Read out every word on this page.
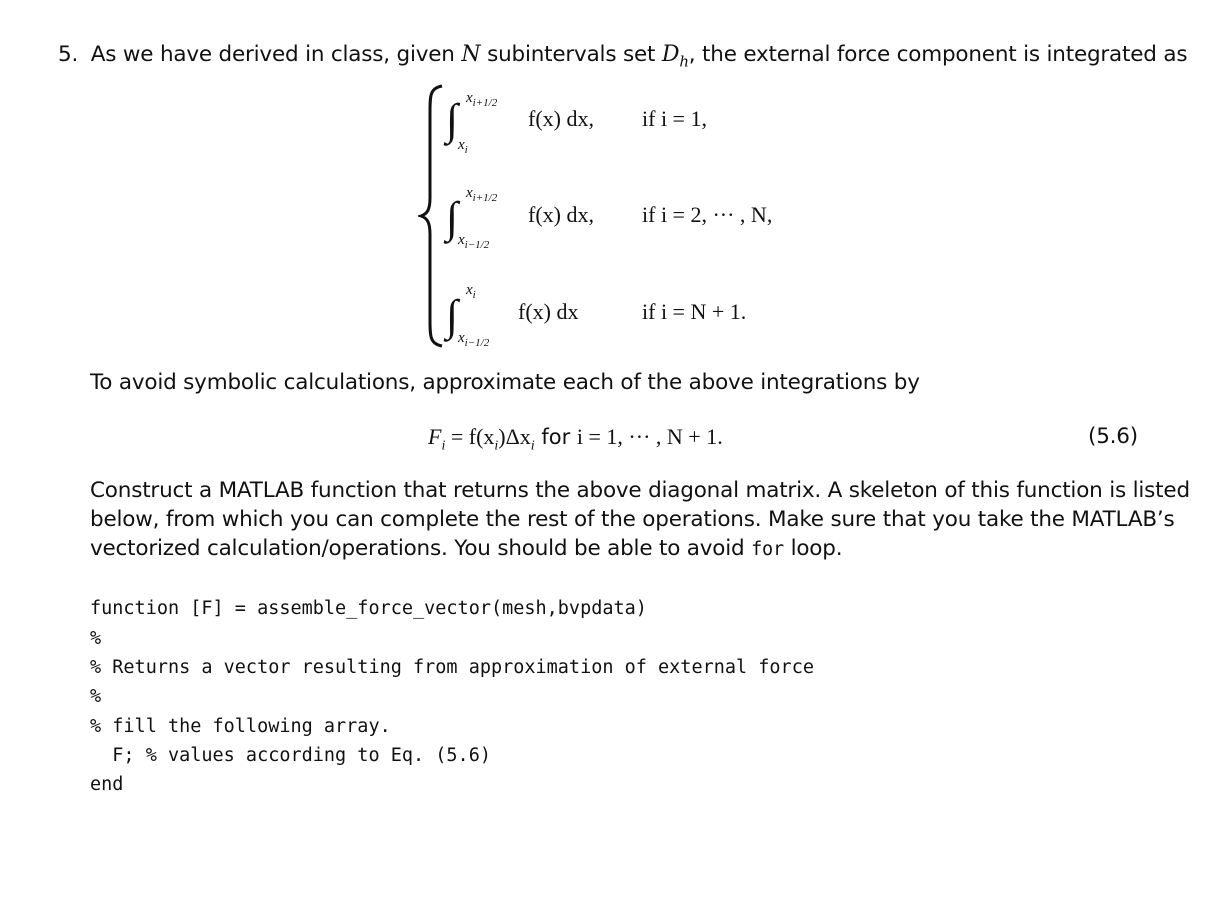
5. As we have derived in class, given N subintervals set $D_h$, the external force component is integrated as
∫ $x_{i+1/2}$
$x_i$
f(x) dx, if i = 1,
∫ $x_{i+1/2}$
$x_{i-1/2}$
f(x) dx, if i = 2, ··· , N,
∫
$x_i$
$x_{i-1/2}$
f(x) dx	if i = N + 1.
To avoid symbolic calculations, approximate each of the above integrations by
$F_i = f(x_i)\Delta x_i$ for i = 1, ··· , N + 1.	(5.6)
Construct a MATLAB function that returns the above diagonal matrix. A skeleton of this function is listed
below, from which you can complete the rest of the operations. Make sure that you take the MATLAB’s
vectorized calculation/operations. You should be able to avoid for loop.
function [F] = assemble_force_vector(mesh,bvpdata)
%
% Returns a vector resulting from approximation of external force
%
% fill the following array.
F; % values according to Eq. (5.6)
end
